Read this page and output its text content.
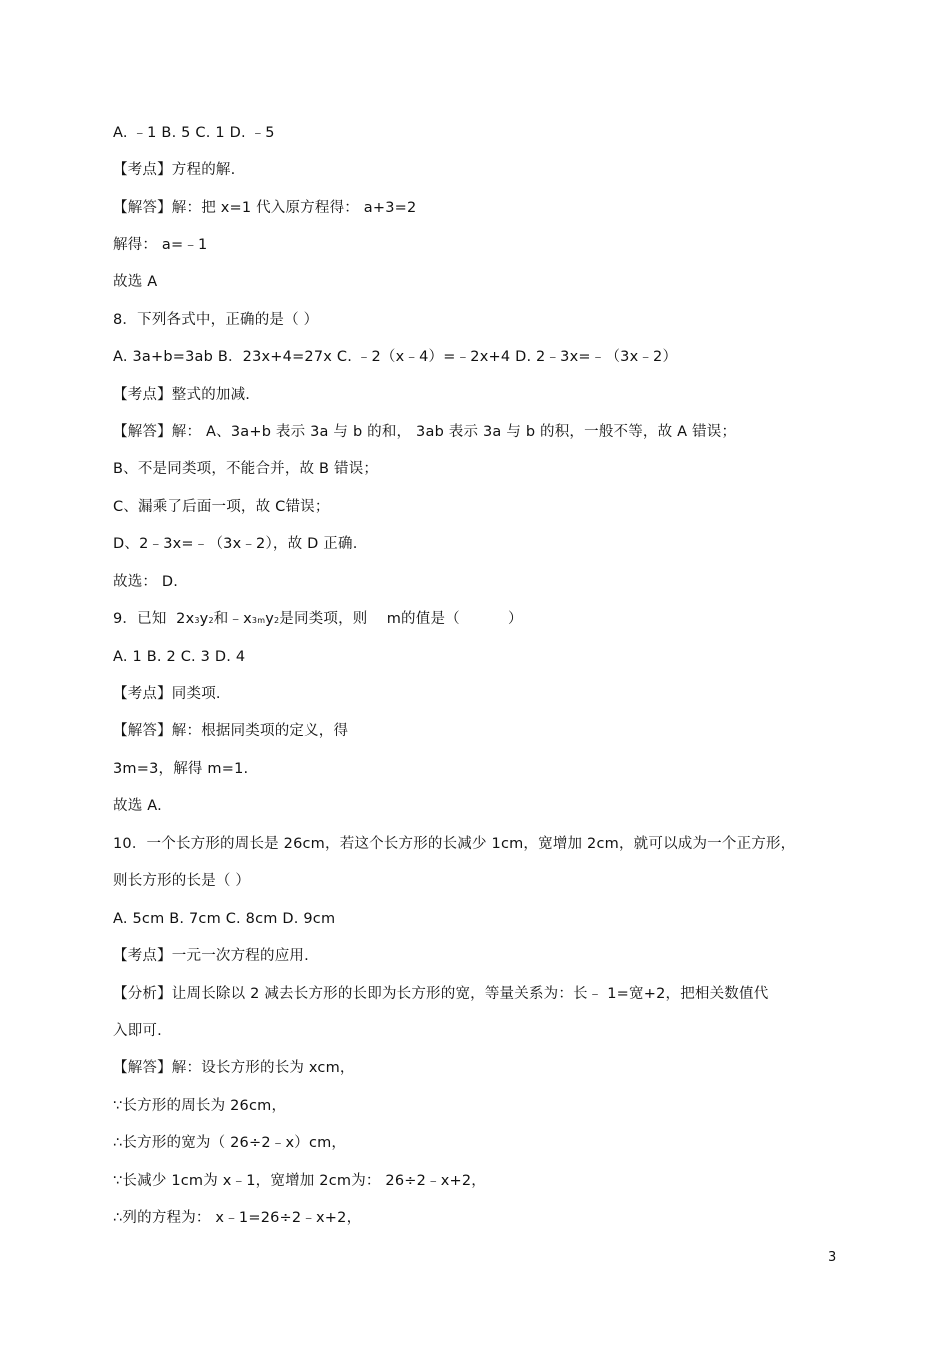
A. ﹣1 B. 5 C. 1 D. ﹣5
【考点】方程的解.
【解答】解：把 x=1 代入原方程得： a+3=2
解得： a=﹣1
故选 A
8．下列各式中，正确的是（ ）
A. 3a+b=3ab B．23x+4=27x C. ﹣2（x﹣4）=﹣2x+4 D. 2﹣3x=﹣（3x﹣2）
【考点】整式的加减.
【解答】解： A、3a+b 表示 3a 与 b 的和， 3ab 表示 3a 与 b 的积，一般不等，故 A 错误；
B、不是同类项，不能合并，故 B 错误；
C、漏乘了后面一项，故 C错误；
D、2﹣3x=﹣（3x﹣2），故 D 正确.
故选： D.
9．已知  2x 3 y 2 和﹣x 3m y 2 是同类项，则    m的值是（          ）
A. 1 B. 2 C. 3 D. 4
【考点】同类项.
【解答】解：根据同类项的定义，得
3m=3，解得 m=1.
故选 A.
10．一个长方形的周长是 26cm，若这个长方形的长减少 1cm，宽增加 2cm，就可以成为一个正方形，
则长方形的长是（ ）
A. 5cm B. 7cm C. 8cm D. 9cm
【考点】一元一次方程的应用.
【分析】让周长除以 2 减去长方形的长即为长方形的宽，等量关系为：长﹣ 1=宽+2，把相关数值代
入即可.
【解答】解：设长方形的长为 xcm，
∵长方形的周长为 26cm，
∴长方形的宽为（ 26÷2﹣x）cm，
∵长减少 1cm为 x﹣1，宽增加 2cm为： 26÷2﹣x+2，
∴列的方程为： x﹣1=26÷2﹣x+2，
3
